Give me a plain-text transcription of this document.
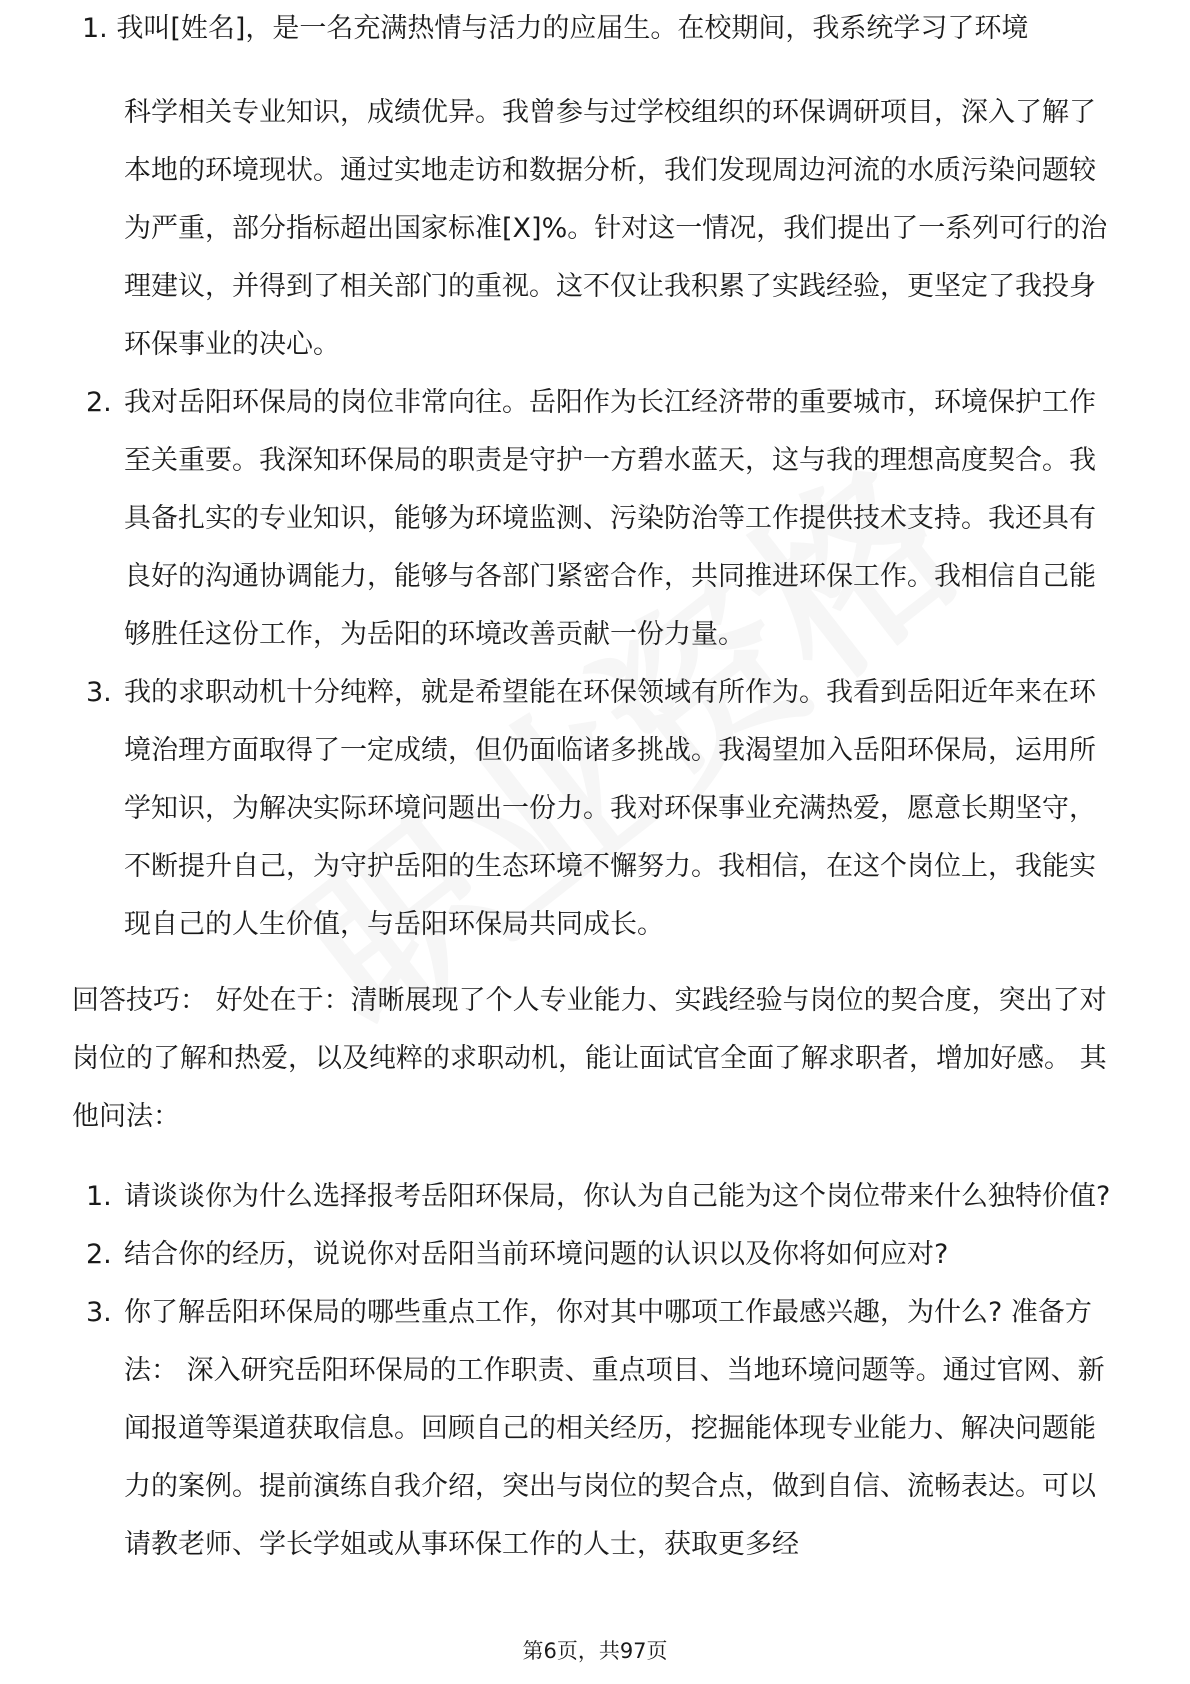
1. 我叫[姓名]，是一名充满热情与活力的应届生。在校期间，我系统学习了环境
科学相关专业知识，成绩优异。我曾参与过学校组织的环保调研项目，深入了解了本地的环境现状。通过实地走访和数据分析，我们发现周边河流的水质污染问题较为严重，部分指标超出国家标准[X]%。针对这一情况，我们提出了一系列可行的治理建议，并得到了相关部门的重视。这不仅让我积累了实践经验，更坚定了我投身环保事业的决心。
2. 我对岳阳环保局的岗位非常向往。岳阳作为长江经济带的重要城市，环境保护工作至关重要。我深知环保局的职责是守护一方碧水蓝天，这与我的理想高度契合。我具备扎实的专业知识，能够为环境监测、污染防治等工作提供技术支持。我还具有良好的沟通协调能力，能够与各部门紧密合作，共同推进环保工作。我相信自己能够胜任这份工作，为岳阳的环境改善贡献一份力量。
3. 我的求职动机十分纯粹，就是希望能在环保领域有所作为。我看到岳阳近年来在环境治理方面取得了一定成绩，但仍面临诸多挑战。我渴望加入岳阳环保局，运用所学知识，为解决实际环境问题出一份力。我对环保事业充满热爱，愿意长期坚守，不断提升自己，为守护岳阳的生态环境不懈努力。我相信，在这个岗位上，我能实现自己的人生价值，与岳阳环保局共同成长。

回答技巧： 好处在于：清晰展现了个人专业能力、实践经验与岗位的契合度，突出了对岗位的了解和热爱，以及纯粹的求职动机，能让面试官全面了解求职者，增加好感。 其他问法：

1. 请谈谈你为什么选择报考岳阳环保局，你认为自己能为这个岗位带来什么独特价值?
2. 结合你的经历，说说你对岳阳当前环境问题的认识以及你将如何应对?
3. 你了解岳阳环保局的哪些重点工作，你对其中哪项工作最感兴趣，为什么? 准备方法： 深入研究岳阳环保局的工作职责、重点项目、当地环境问题等。通过官网、新闻报道等渠道获取信息。回顾自己的相关经历，挖掘能体现专业能力、解决问题能力的案例。提前演练自我介绍，突出与岗位的契合点，做到自信、流畅表达。可以请教老师、学长学姐或从事环保工作的人士，获取更多经
第6页，共97页
